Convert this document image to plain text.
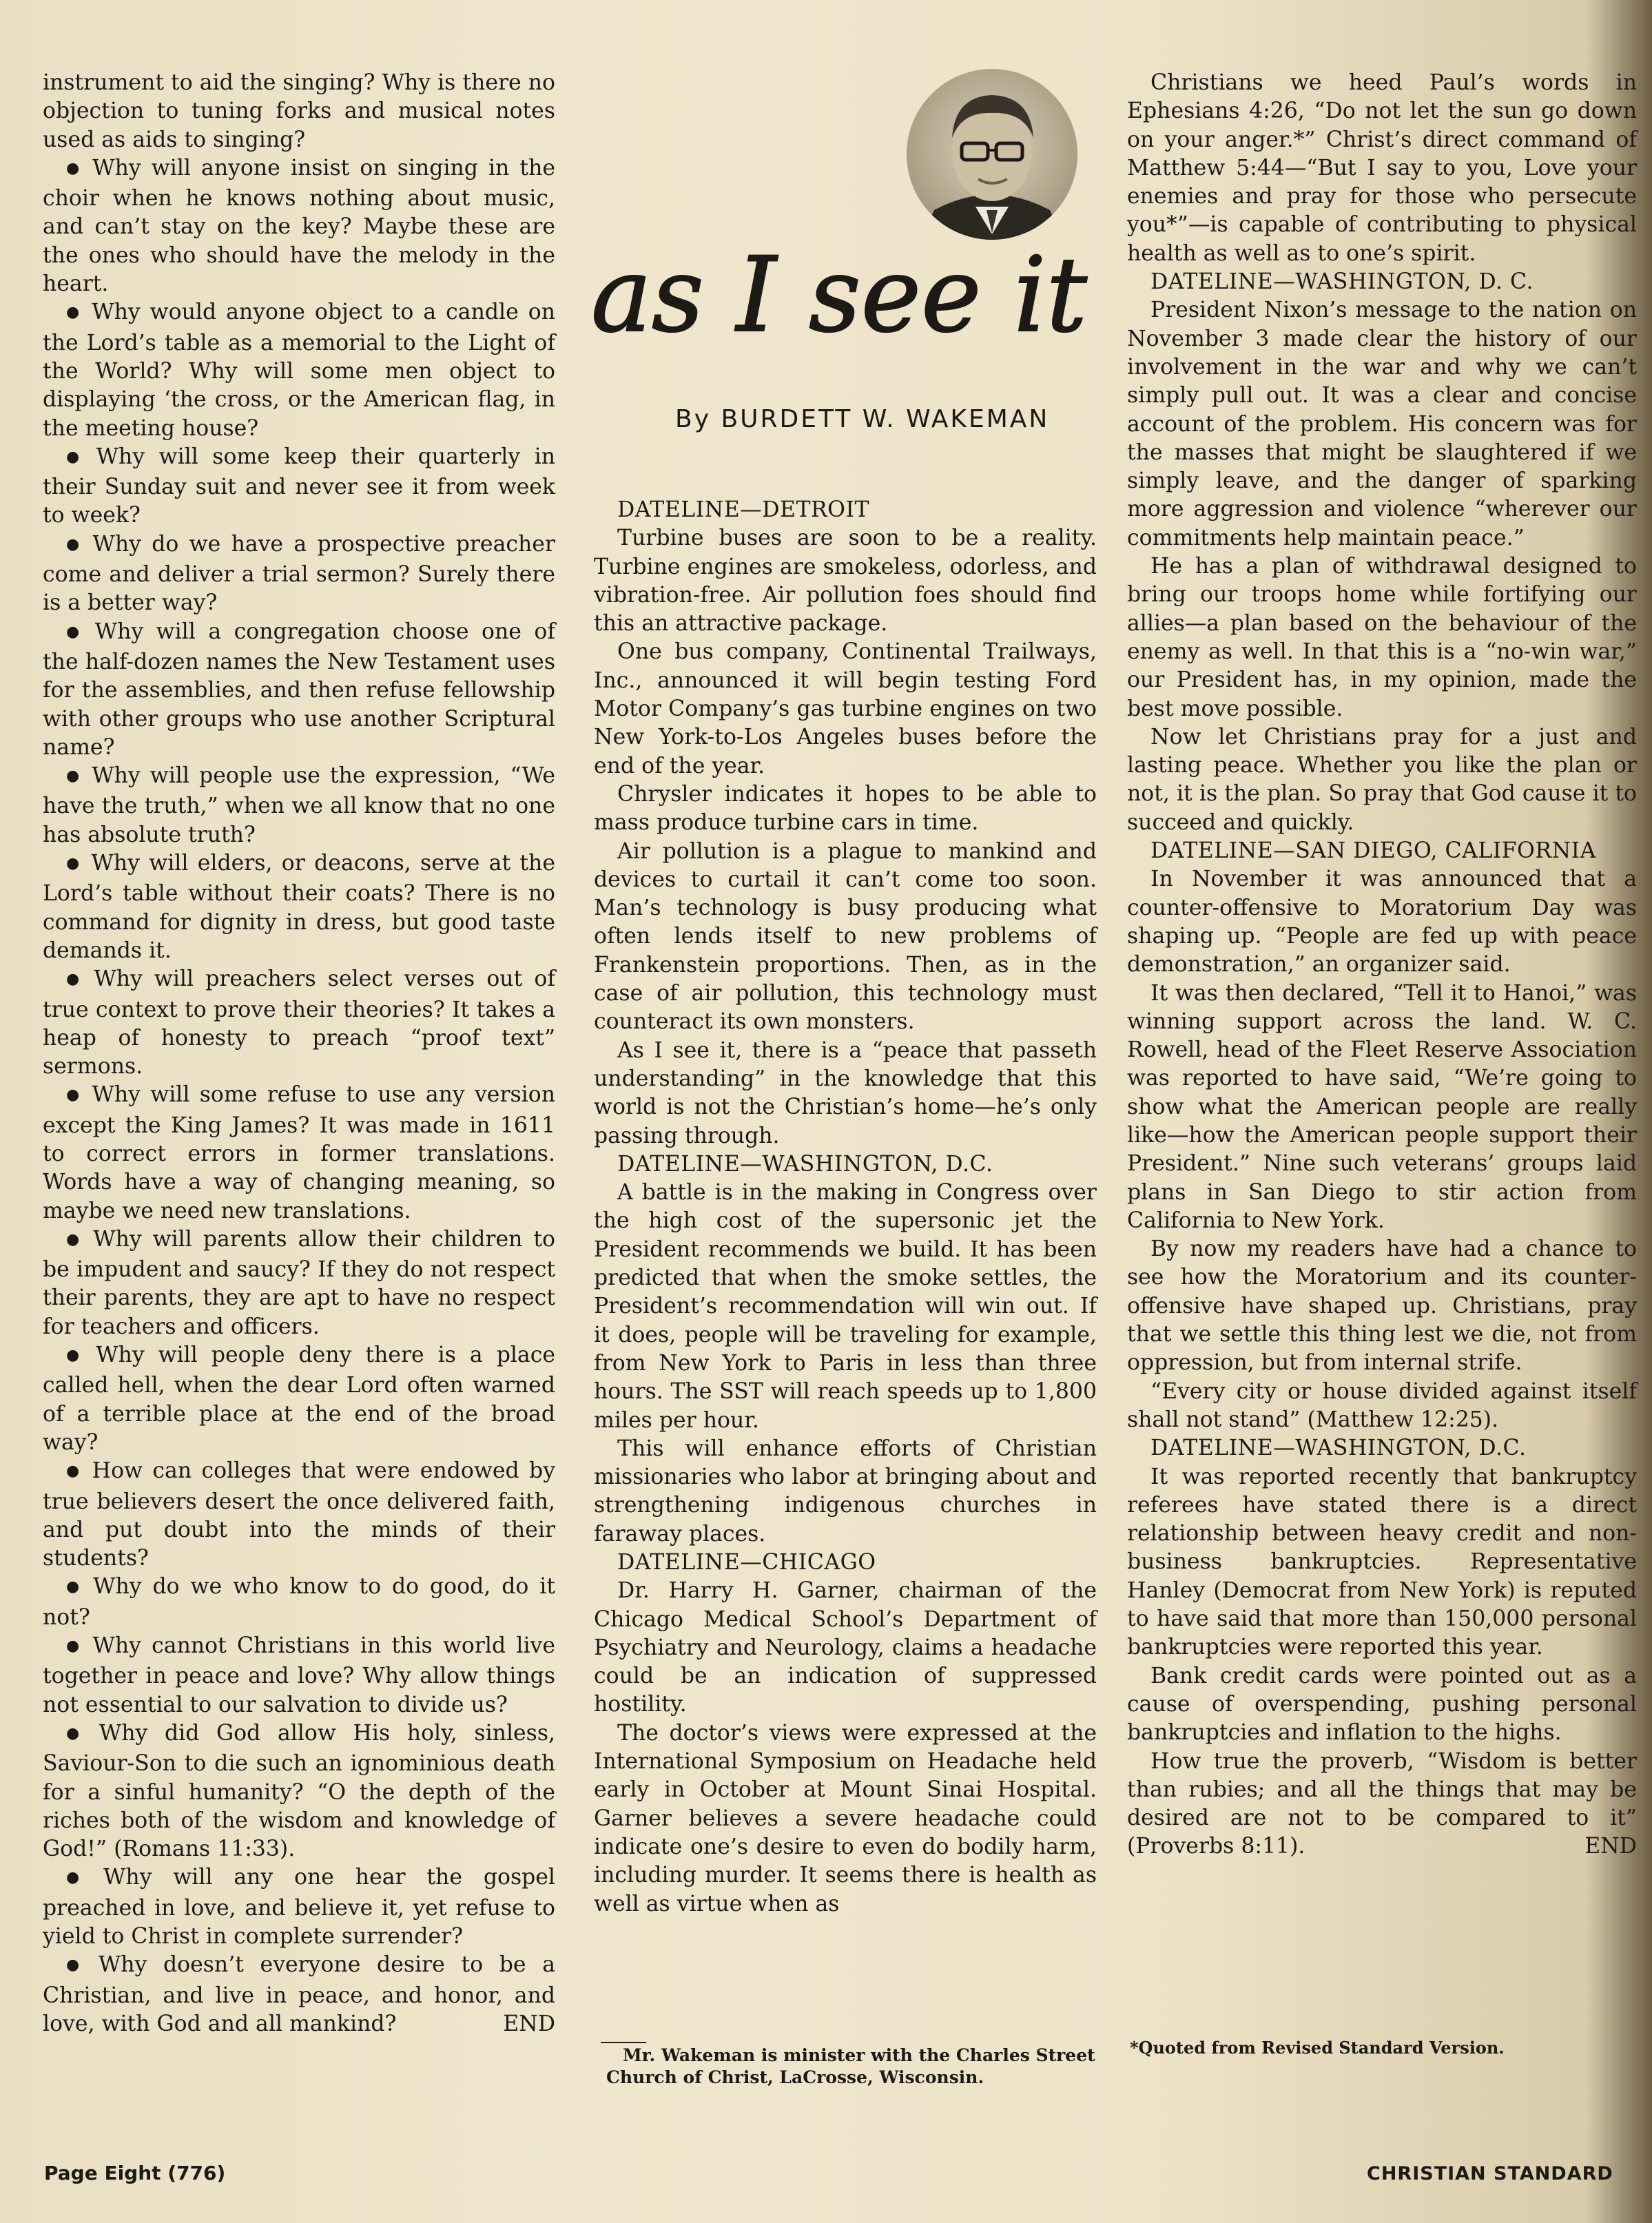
instrument to aid the singing? Why is there no objection to tuning forks and musical notes used as aids to singing?

● Why will anyone insist on singing in the choir when he knows nothing about music, and can’t stay on the key? Maybe these are the ones who should have the melody in the heart.

● Why would anyone object to a candle on the Lord’s table as a memorial to the Light of the World? Why will some men object to displaying ‘the cross, or the American flag, in the meeting house?

● Why will some keep their quarterly in their Sunday suit and never see it from week to week?

● Why do we have a prospective preacher come and deliver a trial sermon? Surely there is a better way?

● Why will a congregation choose one of the half-dozen names the New Testament uses for the assemblies, and then refuse fellowship with other groups who use another Scriptural name?

● Why will people use the expression, “We have the truth,” when we all know that no one has absolute truth?

● Why will elders, or deacons, serve at the Lord’s table without their coats? There is no command for dignity in dress, but good taste demands it.

● Why will preachers select verses out of true context to prove their theories? It takes a heap of honesty to preach “proof text” sermons.

● Why will some refuse to use any version except the King James? It was made in 1611 to correct errors in former translations. Words have a way of changing meaning, so maybe we need new translations.

● Why will parents allow their children to be impudent and saucy? If they do not respect their parents, they are apt to have no respect for teachers and officers.

● Why will people deny there is a place called hell, when the dear Lord often warned of a terrible place at the end of the broad way?

● How can colleges that were endowed by true believers desert the once delivered faith, and put doubt into the minds of their students?

● Why do we who know to do good, do it not?

● Why cannot Christians in this world live together in peace and love? Why allow things not essential to our salvation to divide us?

● Why did God allow His holy, sinless, Saviour-Son to die such an ignominious death for a sinful humanity? “O the depth of the riches both of the wisdom and knowledge of God!” (Romans 11:33).

● Why will any one hear the gospel preached in love, and believe it, yet refuse to yield to Christ in complete surrender?

● Why doesn’t everyone desire to be a Christian, and live in peace, and honor, and love, with God and all mankind?	END

as I see it
By BURDETT W. WAKEMAN

DATELINE—DETROIT

Turbine buses are soon to be a reality. Turbine engines are smokeless, odorless, and vibration-free. Air pollution foes should find this an attractive package.

One bus company, Continental Trailways, Inc., announced it will begin testing Ford Motor Company’s gas turbine engines on two New York-to-Los Angeles buses before the end of the year.

Chrysler indicates it hopes to be able to mass produce turbine cars in time.

Air pollution is a plague to mankind and devices to curtail it can’t come too soon. Man’s technology is busy producing what often lends itself to new problems of Frankenstein proportions. Then, as in the case of air pollution, this technology must counteract its own monsters.

As I see it, there is a “peace that passeth understanding” in the knowledge that this world is not the Christian’s home—he’s only passing through.

DATELINE—WASHINGTON, D.C.

A battle is in the making in Congress over the high cost of the supersonic jet the President recommends we build. It has been predicted that when the smoke settles, the President’s recommendation will win out. If it does, people will be traveling for example, from New York to Paris in less than three hours. The SST will reach speeds up to 1,800 miles per hour.

This will enhance efforts of Christian missionaries who labor at bringing about and strengthening indigenous churches in faraway places.

DATELINE—CHICAGO

Dr. Harry H. Garner, chairman of the Chicago Medical School’s Department of Psychiatry and Neurology, claims a headache could be an indication of suppressed hostility.

The doctor’s views were expressed at the International Symposium on Headache held early in October at Mount Sinai Hospital. Garner believes a severe headache could indicate one’s desire to even do bodily harm, including murder. It seems there is health as well as virtue when as

Christians we heed Paul’s words in Ephesians 4:26, “Do not let the sun go down on your anger.*” Christ’s direct command of Matthew 5:44—“But I say to you, Love your enemies and pray for those who persecute you*”—is capable of contributing to physical health as well as to one’s spirit.

DATELINE—WASHINGTON, D. C.

President Nixon’s message to the nation on November 3 made clear the history of our involvement in the war and why we can’t simply pull out. It was a clear and concise account of the problem. His concern was for the masses that might be slaughtered if we simply leave, and the danger of sparking more aggression and violence “wherever our commitments help maintain peace.”

He has a plan of withdrawal designed to bring our troops home while fortifying our allies—a plan based on the behaviour of the enemy as well. In that this is a “no-win war,” our President has, in my opinion, made the best move possible.

Now let Christians pray for a just and lasting peace. Whether you like the plan or not, it is the plan. So pray that God cause it to succeed and quickly.

DATELINE—SAN DIEGO, CALIFORNIA

In November it was announced that a counter-offensive to Moratorium Day was shaping up. “People are fed up with peace demonstration,” an organizer said.

It was then declared, “Tell it to Hanoi,” was winning support across the land. W. C. Rowell, head of the Fleet Reserve Association was reported to have said, “We’re going to show what the American people are really like—how the American people support their President.” Nine such veterans’ groups laid plans in San Diego to stir action from California to New York.

By now my readers have had a chance to see how the Moratorium and its counter-offensive have shaped up. Christians, pray that we settle this thing lest we die, not from oppression, but from internal strife.

“Every city or house divided against itself shall not stand” (Matthew 12:25).

DATELINE—WASHINGTON, D.C.

It was reported recently that bankruptcy referees have stated there is a direct relationship between heavy credit and non-business bankruptcies. Representative Hanley (Democrat from New York) is reputed to have said that more than 150,000 personal bankruptcies were reported this year.

Bank credit cards were pointed out as a cause of overspending, pushing personal bankruptcies and inflation to the highs.

How true the proverb, “Wisdom is better than rubies; and all the things that may be desired are not to be compared to it” (Proverbs 8:11).	END

Mr. Wakeman is minister with the Charles Street Church of Christ, LaCrosse, Wisconsin.
*Quoted from Revised Standard Version.
Page Eight (776)	CHRISTIAN STANDARD
